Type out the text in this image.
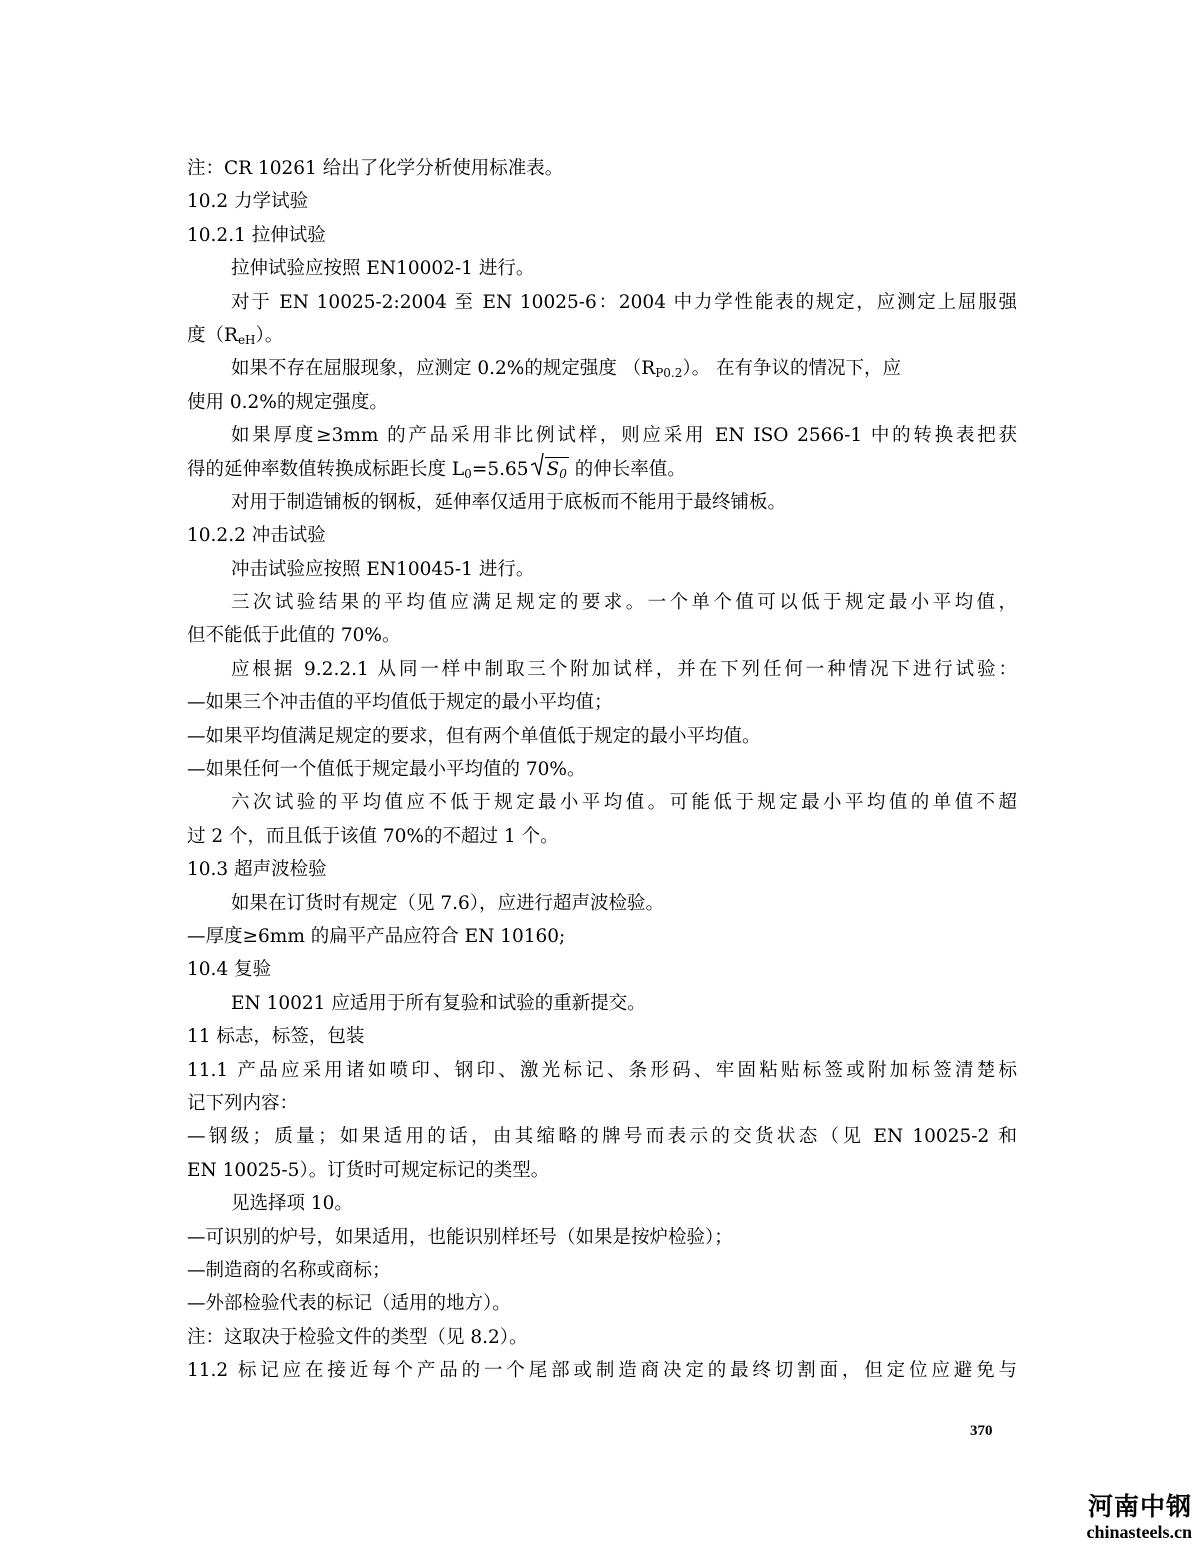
注：CR 10261 给出了化学分析使用标准表。
10.2 力学试验
10.2.1 拉伸试验
拉伸试验应按照 EN10002-1 进行。
对于 EN 10025-2:2004 至 EN 10025-6：2004 中力学性能表的规定，应测定上屈服强
度$(R_{eH})$。
如果不存在屈服现象，应测定 0.2%的规定强度 $(R_{P0.2})$。 在有争议的情况下，应
使用 0.2%的规定强度。
如果厚度≥3mm 的产品采用非比例试样，则应采用 EN ISO 2566-1 中的转换表把获
得的延伸率数值转换成标距长度 $L_0=5.65$ $S_0$ 的伸长率值。
对用于制造铺板的钢板，延伸率仅适用于底板而不能用于最终铺板。
10.2.2 冲击试验
冲击试验应按照 EN10045-1 进行。
三次试验结果的平均值应满足规定的要求。一个单个值可以低于规定最小平均值，
但不能低于此值的 70%。
应根据 9.2.2.1 从同一样中制取三个附加试样，并在下列任何一种情况下进行试验：
—如果三个冲击值的平均值低于规定的最小平均值；
—如果平均值满足规定的要求，但有两个单值低于规定的最小平均值。
—如果任何一个值低于规定最小平均值的 70%。
六次试验的平均值应不低于规定最小平均值。可能低于规定最小平均值的单值不超
过 2 个，而且低于该值 70%的不超过 1 个。
10.3 超声波检验
如果在订货时有规定（见 7.6），应进行超声波检验。
—厚度≥6mm 的扁平产品应符合 EN 10160;
10.4 复验
EN 10021 应适用于所有复验和试验的重新提交。
11 标志，标签，包装
11.1 产品应采用诸如喷印、钢印、激光标记、条形码、牢固粘贴标签或附加标签清楚标
记下列内容：
—钢级；质量；如果适用的话，由其缩略的牌号而表示的交货状态（见 EN 10025-2 和
EN 10025-5）。订货时可规定标记的类型。
见选择项 10。
—可识别的炉号，如果适用，也能识别样坯号（如果是按炉检验）；
—制造商的名称或商标；
—外部检验代表的标记（适用的地方）。
注：这取决于检验文件的类型（见 8.2）。
11.2 标记应在接近每个产品的一个尾部或制造商决定的最终切割面，但定位应避免与
370
河南中钢
chinasteels.cn
